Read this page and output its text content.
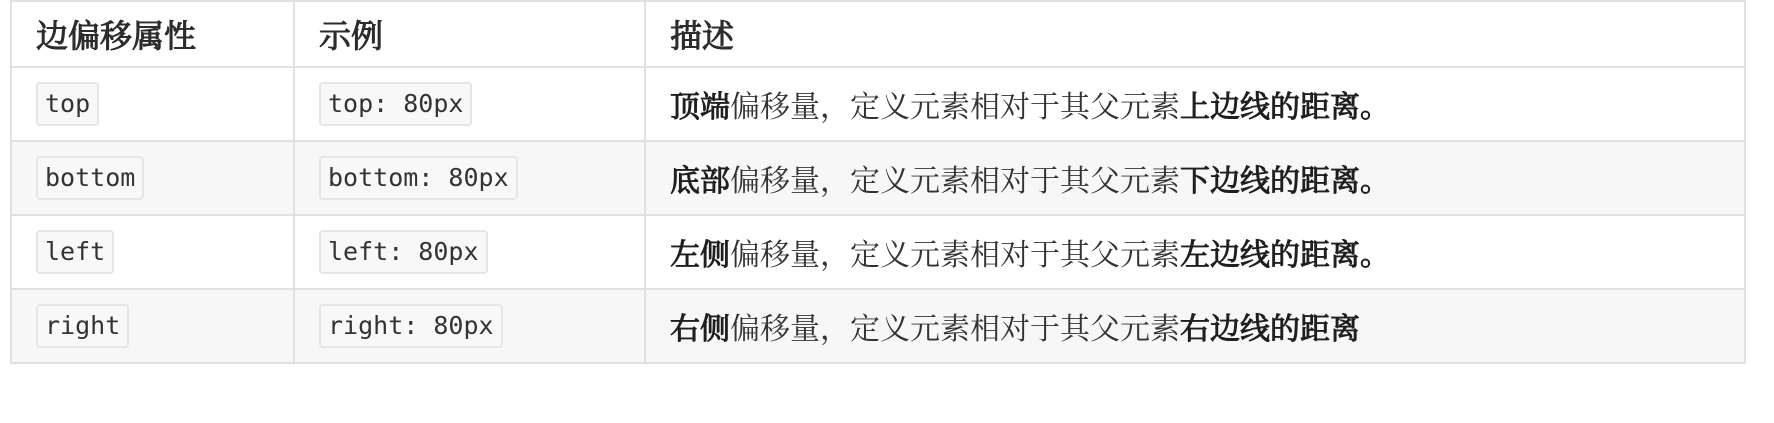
边偏移属性	示例	描述
top	top: 80px	顶端偏移量，定义元素相对于其父元素上边线的距离。
bottom	bottom: 80px	底部偏移量，定义元素相对于其父元素下边线的距离。
left	left: 80px	左侧偏移量，定义元素相对于其父元素左边线的距离。
right	right: 80px	右侧偏移量，定义元素相对于其父元素右边线的距离
